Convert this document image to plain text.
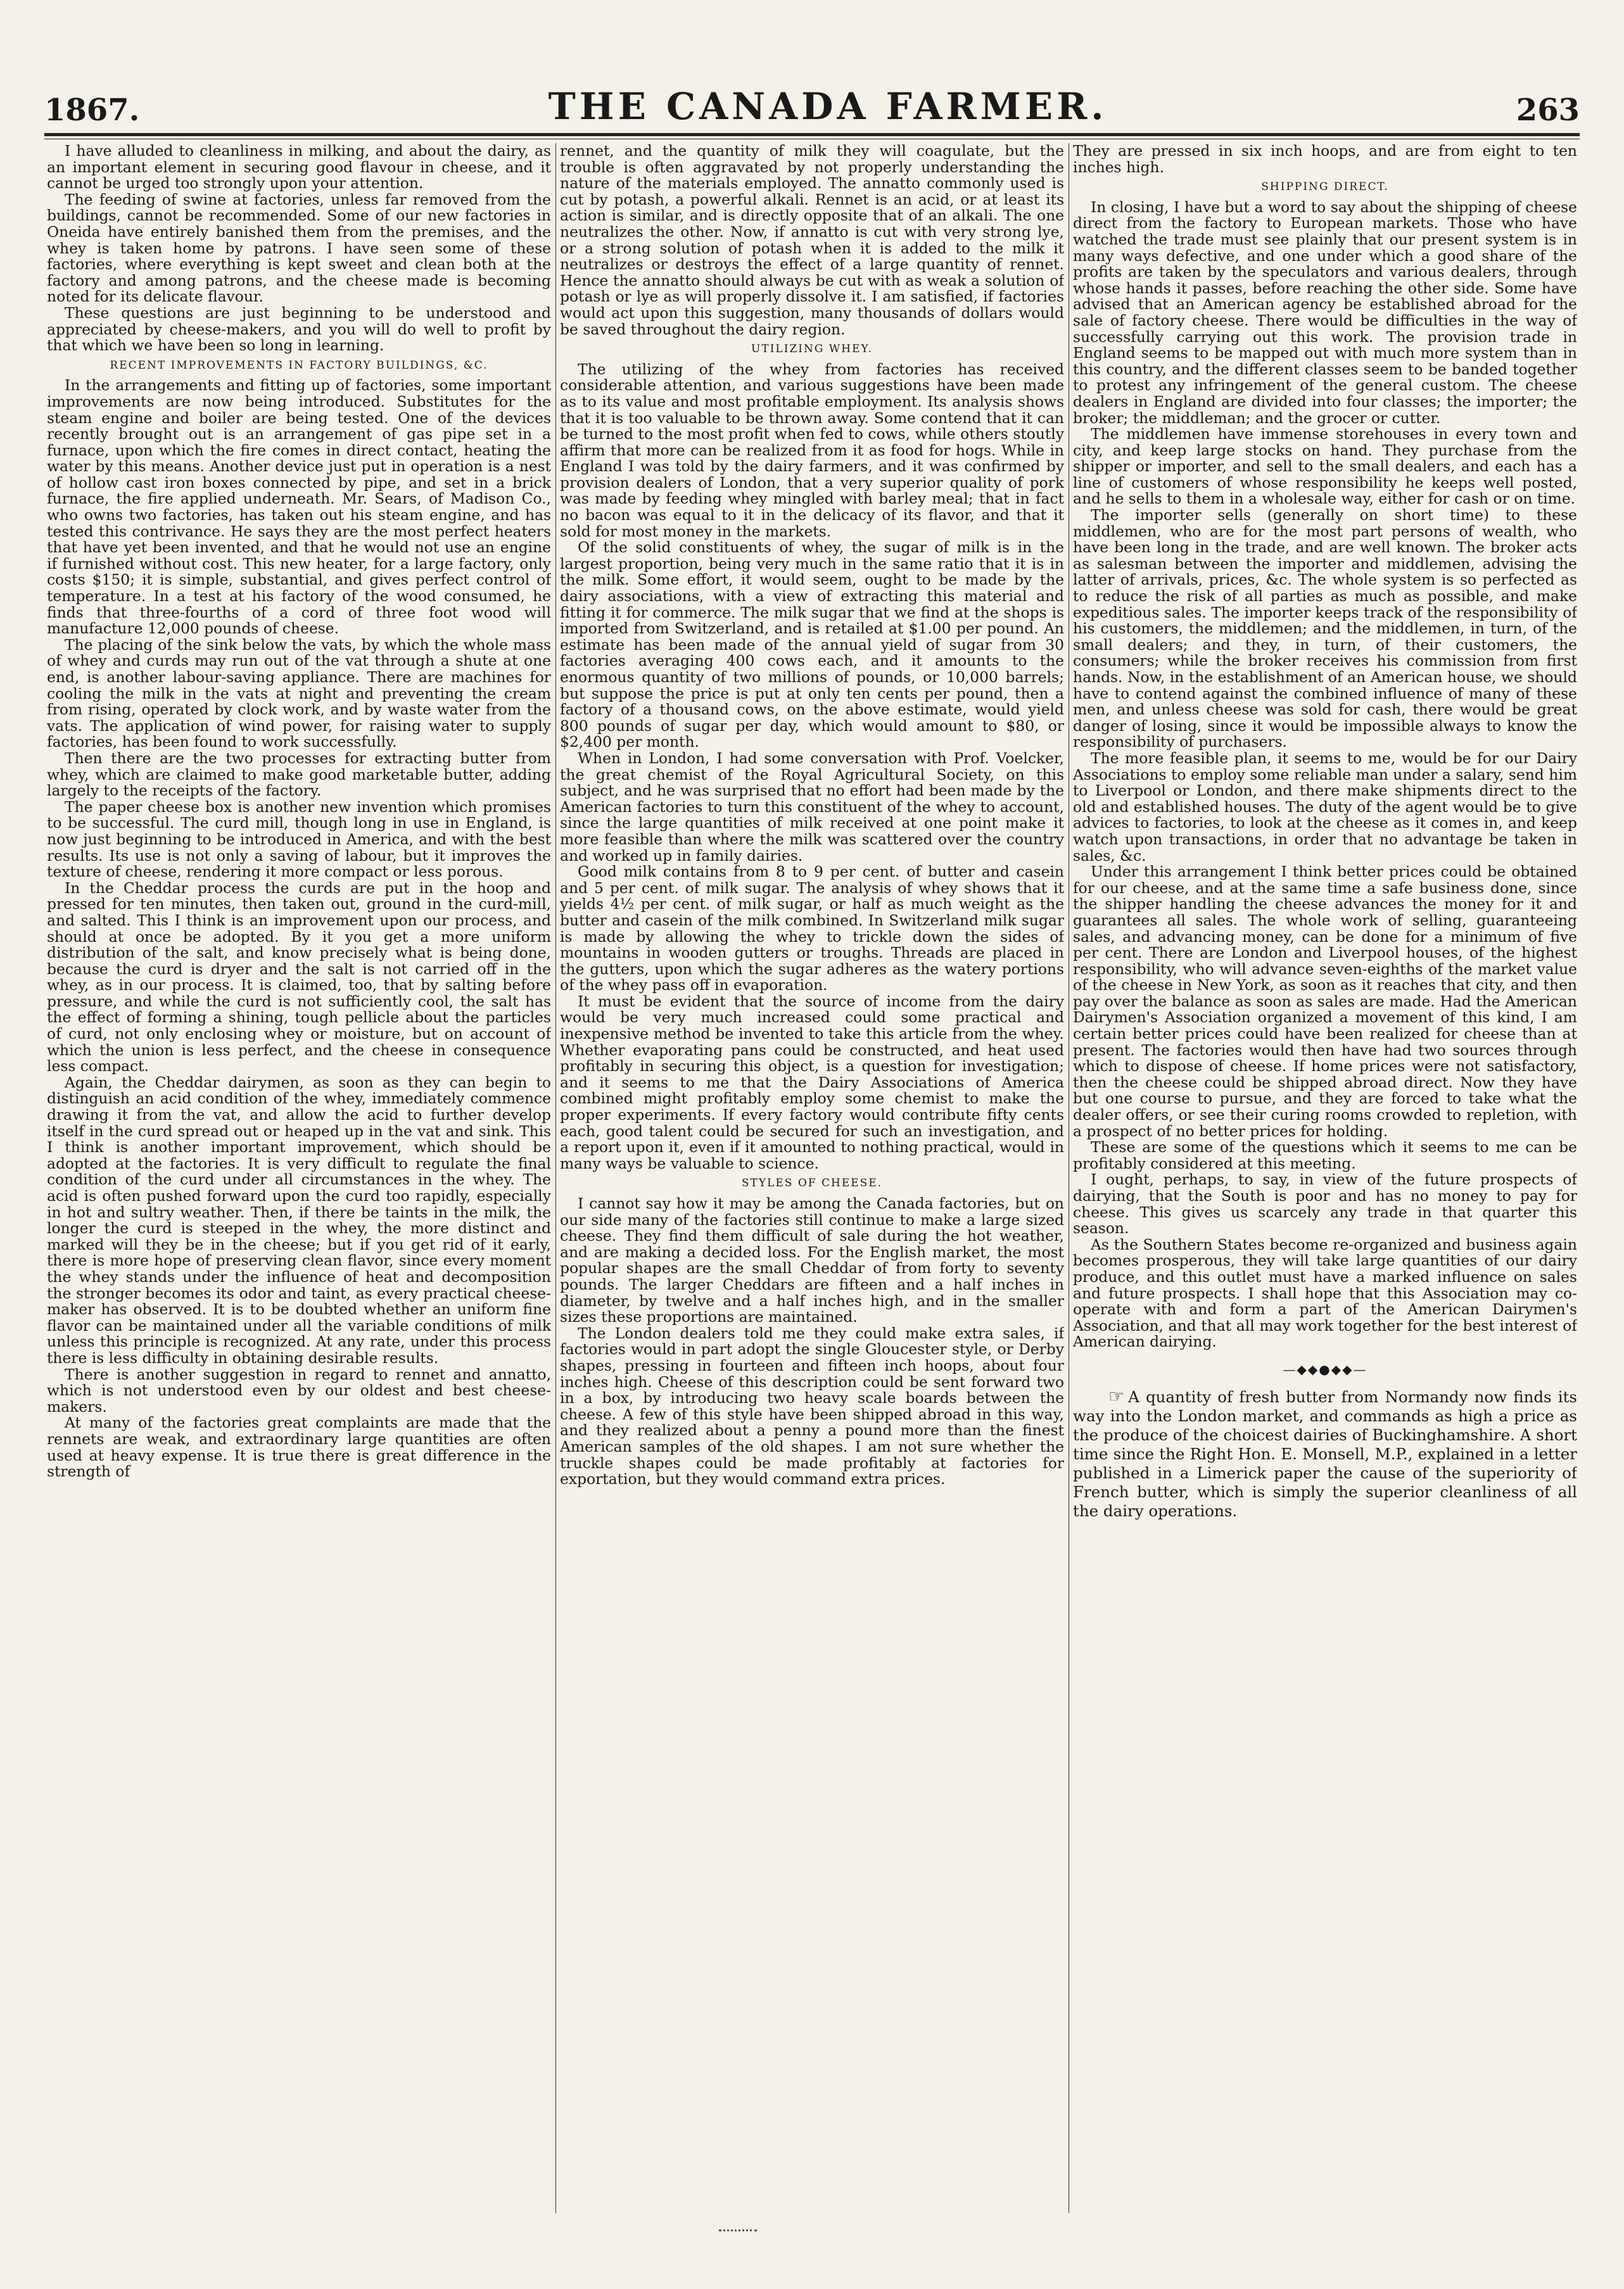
1867.	THE CANADA FARMER.	263

I have alluded to cleanliness in milking, and about the dairy, as an important element in securing good flavour in cheese, and it cannot be urged too strongly upon your attention.

The feeding of swine at factories, unless far removed from the buildings, cannot be recommended. Some of our new factories in Oneida have entirely banished them from the premises, and the whey is taken home by patrons. I have seen some of these factories, where everything is kept sweet and clean both at the factory and among patrons, and the cheese made is becoming noted for its delicate flavour.

These questions are just beginning to be understood and appreciated by cheese-makers, and you will do well to profit by that which we have been so long in learning.

RECENT IMPROVEMENTS IN FACTORY BUILDINGS, &C.

In the arrangements and fitting up of factories, some important improvements are now being introduced. Substitutes for the steam engine and boiler are being tested. One of the devices recently brought out is an arrangement of gas pipe set in a furnace, upon which the fire comes in direct contact, heating the water by this means. Another device just put in operation is a nest of hollow cast iron boxes connected by pipe, and set in a brick furnace, the fire applied underneath. Mr. Sears, of Madison Co., who owns two factories, has taken out his steam engine, and has tested this contrivance. He says they are the most perfect heaters that have yet been invented, and that he would not use an engine if furnished without cost. This new heater, for a large factory, only costs $150; it is simple, substantial, and gives perfect control of temperature. In a test at his factory of the wood consumed, he finds that three-fourths of a cord of three foot wood will manufacture 12,000 pounds of cheese.

The placing of the sink below the vats, by which the whole mass of whey and curds may run out of the vat through a shute at one end, is another labour-saving appliance. There are machines for cooling the milk in the vats at night and preventing the cream from rising, operated by clock work, and by waste water from the vats. The application of wind power, for raising water to supply factories, has been found to work successfully.

Then there are the two processes for extracting butter from whey, which are claimed to make good marketable butter, adding largely to the receipts of the factory.

The paper cheese box is another new invention which promises to be successful. The curd mill, though long in use in England, is now just beginning to be introduced in America, and with the best results. Its use is not only a saving of labour, but it improves the texture of cheese, rendering it more compact or less porous.

In the Cheddar process the curds are put in the hoop and pressed for ten minutes, then taken out, ground in the curd-mill, and salted. This I think is an improvement upon our process, and should at once be adopted. By it you get a more uniform distribution of the salt, and know precisely what is being done, because the curd is dryer and the salt is not carried off in the whey, as in our process. It is claimed, too, that by salting before pressure, and while the curd is not sufficiently cool, the salt has the effect of forming a shining, tough pellicle about the particles of curd, not only enclosing whey or moisture, but on account of which the union is less perfect, and the cheese in consequence less compact.

Again, the Cheddar dairymen, as soon as they can begin to distinguish an acid condition of the whey, immediately commence drawing it from the vat, and allow the acid to further develop itself in the curd spread out or heaped up in the vat and sink. This I think is another important improvement, which should be adopted at the factories. It is very difficult to regulate the final condition of the curd under all circumstances in the whey. The acid is often pushed forward upon the curd too rapidly, especially in hot and sultry weather. Then, if there be taints in the milk, the longer the curd is steeped in the whey, the more distinct and marked will they be in the cheese; but if you get rid of it early, there is more hope of preserving clean flavor, since every moment the whey stands under the influence of heat and decomposition the stronger becomes its odor and taint, as every practical cheese-maker has observed. It is to be doubted whether an uniform fine flavor can be maintained under all the variable conditions of milk unless this principle is recognized. At any rate, under this process there is less difficulty in obtaining desirable results.

There is another suggestion in regard to rennet and annatto, which is not understood even by our oldest and best cheese-makers.

At many of the factories great complaints are made that the rennets are weak, and extraordinary large quantities are often used at heavy expense. It is true there is great difference in the strength of

rennet, and the quantity of milk they will coagulate, but the trouble is often aggravated by not properly understanding the nature of the materials employed. The annatto commonly used is cut by potash, a powerful alkali. Rennet is an acid, or at least its action is similar, and is directly opposite that of an alkali. The one neutralizes the other. Now, if annatto is cut with very strong lye, or a strong solution of potash when it is added to the milk it neutralizes or destroys the effect of a large quantity of rennet. Hence the annatto should always be cut with as weak a solution of potash or lye as will properly dissolve it. I am satisfied, if factories would act upon this suggestion, many thousands of dollars would be saved throughout the dairy region.

UTILIZING WHEY.

The utilizing of the whey from factories has received considerable attention, and various suggestions have been made as to its value and most profitable employment. Its analysis shows that it is too valuable to be thrown away. Some contend that it can be turned to the most profit when fed to cows, while others stoutly affirm that more can be realized from it as food for hogs. While in England I was told by the dairy farmers, and it was confirmed by provision dealers of London, that a very superior quality of pork was made by feeding whey mingled with barley meal; that in fact no bacon was equal to it in the delicacy of its flavor, and that it sold for most money in the markets.

Of the solid constituents of whey, the sugar of milk is in the largest proportion, being very much in the same ratio that it is in the milk. Some effort, it would seem, ought to be made by the dairy associations, with a view of extracting this material and fitting it for commerce. The milk sugar that we find at the shops is imported from Switzerland, and is retailed at $1.00 per pound. An estimate has been made of the annual yield of sugar from 30 factories averaging 400 cows each, and it amounts to the enormous quantity of two millions of pounds, or 10,000 barrels; but suppose the price is put at only ten cents per pound, then a factory of a thousand cows, on the above estimate, would yield 800 pounds of sugar per day, which would amount to $80, or $2,400 per month.

When in London, I had some conversation with Prof. Voelcker, the great chemist of the Royal Agricultural Society, on this subject, and he was surprised that no effort had been made by the American factories to turn this constituent of the whey to account, since the large quantities of milk received at one point make it more feasible than where the milk was scattered over the country and worked up in family dairies.

Good milk contains from 8 to 9 per cent. of butter and casein and 5 per cent. of milk sugar. The analysis of whey shows that it yields 4½ per cent. of milk sugar, or half as much weight as the butter and casein of the milk combined. In Switzerland milk sugar is made by allowing the whey to trickle down the sides of mountains in wooden gutters or troughs. Threads are placed in the gutters, upon which the sugar adheres as the watery portions of the whey pass off in evaporation.

It must be evident that the source of income from the dairy would be very much increased could some practical and inexpensive method be invented to take this article from the whey. Whether evaporating pans could be constructed, and heat used profitably in securing this object, is a question for investigation; and it seems to me that the Dairy Associations of America combined might profitably employ some chemist to make the proper experiments. If every factory would contribute fifty cents each, good talent could be secured for such an investigation, and a report upon it, even if it amounted to nothing practical, would in many ways be valuable to science.

STYLES OF CHEESE.

I cannot say how it may be among the Canada factories, but on our side many of the factories still continue to make a large sized cheese. They find them difficult of sale during the hot weather, and are making a decided loss. For the English market, the most popular shapes are the small Cheddar of from forty to seventy pounds. The larger Cheddars are fifteen and a half inches in diameter, by twelve and a half inches high, and in the smaller sizes these proportions are maintained.

The London dealers told me they could make extra sales, if factories would in part adopt the single Gloucester style, or Derby shapes, pressing in fourteen and fifteen inch hoops, about four inches high. Cheese of this description could be sent forward two in a box, by introducing two heavy scale boards between the cheese. A few of this style have been shipped abroad in this way, and they realized about a penny a pound more than the finest American samples of the old shapes. I am not sure whether the truckle shapes could be made profitably at factories for exportation, but they would command extra prices.

They are pressed in six inch hoops, and are from eight to ten inches high.

SHIPPING DIRECT.

In closing, I have but a word to say about the shipping of cheese direct from the factory to European markets. Those who have watched the trade must see plainly that our present system is in many ways defective, and one under which a good share of the profits are taken by the speculators and various dealers, through whose hands it passes, before reaching the other side. Some have advised that an American agency be established abroad for the sale of factory cheese. There would be difficulties in the way of successfully carrying out this work. The provision trade in England seems to be mapped out with much more system than in this country, and the different classes seem to be banded together to protest any infringement of the general custom. The cheese dealers in England are divided into four classes; the importer; the broker; the middleman; and the grocer or cutter.

The middlemen have immense storehouses in every town and city, and keep large stocks on hand. They purchase from the shipper or importer, and sell to the small dealers, and each has a line of customers of whose responsibility he keeps well posted, and he sells to them in a wholesale way, either for cash or on time.

The importer sells (generally on short time) to these middlemen, who are for the most part persons of wealth, who have been long in the trade, and are well known. The broker acts as salesman between the importer and middlemen, advising the latter of arrivals, prices, &c. The whole system is so perfected as to reduce the risk of all parties as much as possible, and make expeditious sales. The importer keeps track of the responsibility of his customers, the middlemen; and the middlemen, in turn, of the small dealers; and they, in turn, of their customers, the consumers; while the broker receives his commission from first hands. Now, in the establishment of an American house, we should have to contend against the combined influence of many of these men, and unless cheese was sold for cash, there would be great danger of losing, since it would be impossible always to know the responsibility of purchasers.

The more feasible plan, it seems to me, would be for our Dairy Associations to employ some reliable man under a salary, send him to Liverpool or London, and there make shipments direct to the old and established houses. The duty of the agent would be to give advices to factories, to look at the cheese as it comes in, and keep watch upon transactions, in order that no advantage be taken in sales, &c.

Under this arrangement I think better prices could be obtained for our cheese, and at the same time a safe business done, since the shipper handling the cheese advances the money for it and guarantees all sales. The whole work of selling, guaranteeing sales, and advancing money, can be done for a minimum of five per cent. There are London and Liverpool houses, of the highest responsibility, who will advance seven-eighths of the market value of the cheese in New York, as soon as it reaches that city, and then pay over the balance as soon as sales are made. Had the American Dairymen's Association organized a movement of this kind, I am certain better prices could have been realized for cheese than at present. The factories would then have had two sources through which to dispose of cheese. If home prices were not satisfactory, then the cheese could be shipped abroad direct. Now they have but one course to pursue, and they are forced to take what the dealer offers, or see their curing rooms crowded to repletion, with a prospect of no better prices for holding.

These are some of the questions which it seems to me can be profitably considered at this meeting.

I ought, perhaps, to say, in view of the future prospects of dairying, that the South is poor and has no money to pay for cheese. This gives us scarcely any trade in that quarter this season.

As the Southern States become re-organized and business again becomes prosperous, they will take large quantities of our dairy produce, and this outlet must have a marked influence on sales and future prospects. I shall hope that this Association may co-operate with and form a part of the American Dairymen's Association, and that all may work together for the best interest of American dairying.

—◆◆●◆◆—

☞ A quantity of fresh butter from Normandy now finds its way into the London market, and commands as high a price as the produce of the choicest dairies of Buckinghamshire. A short time since the Right Hon. E. Monsell, M.P., explained in a letter published in a Limerick paper the cause of the superiority of French butter, which is simply the superior cleanliness of all the dairy operations.
